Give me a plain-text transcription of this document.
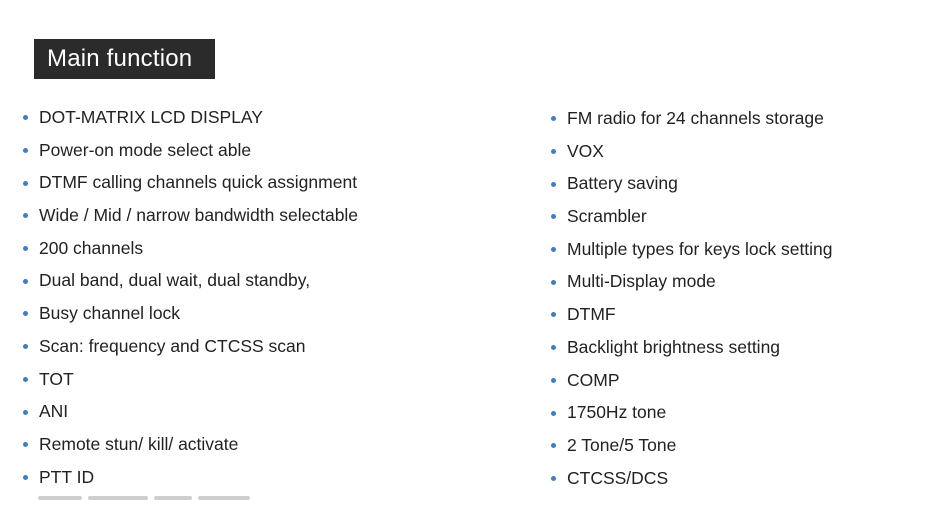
Main function
DOT-MATRIX LCD DISPLAY
Power-on mode select able
DTMF calling channels quick assignment
Wide / Mid / narrow bandwidth selectable
200 channels
Dual band, dual wait, dual standby,
Busy channel lock
Scan: frequency and CTCSS scan
TOT
ANI
Remote stun/ kill/ activate
PTT ID
FM radio for 24 channels storage
VOX
Battery saving
Scrambler
Multiple types for keys lock setting
Multi-Display mode
DTMF
Backlight brightness setting
COMP
1750Hz tone
2 Tone/5 Tone
CTCSS/DCS
